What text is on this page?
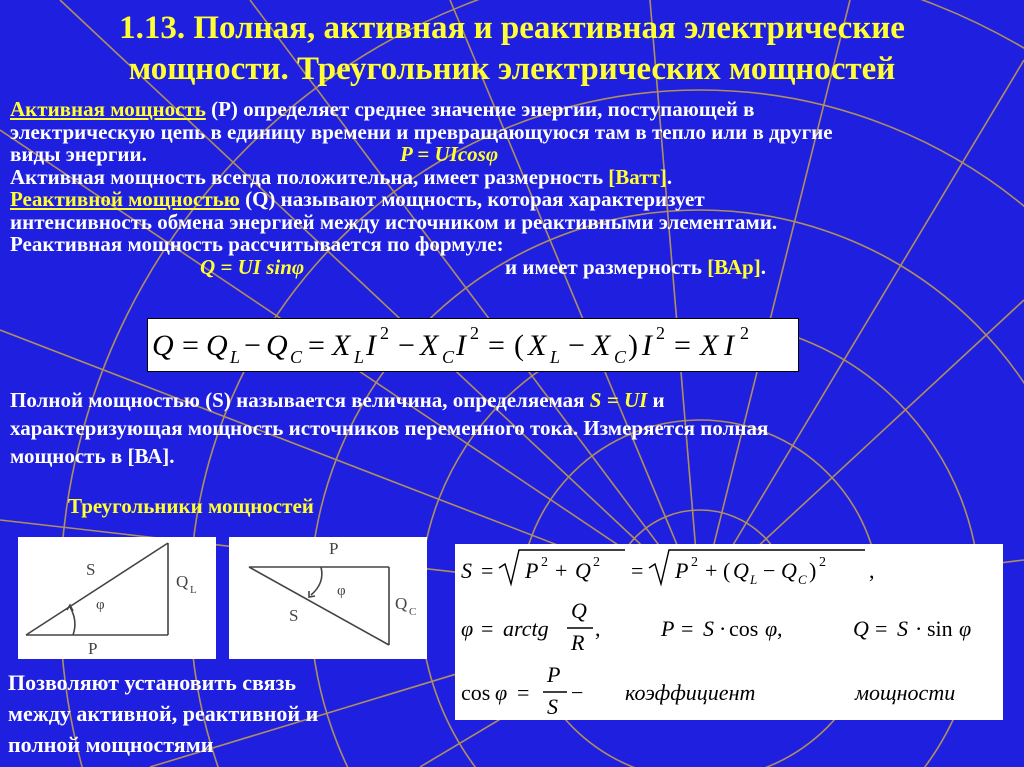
1.13. Полная, активная и реактивная электрические
мощности. Треугольник электрических мощностей
Активная мощность (P) определяет среднее значение энергии, поступающей в
электрическую цепь в единицу времени и превращающуюся там в тепло или в другие
виды энергии.	P = UIcosφ
Активная мощность всегда положительна, имеет размерность [Ватт].
Реактивной мощностью (Q) называют мощность, которая характеризует
интенсивность обмена энергией между источником и реактивными элементами.
Реактивная мощность рассчитывается по формуле:
Q = UI sinφ	и имеет размерность [ВАр].
Q = Q L − Q C = X L I 2 − X C I 2 = ( X L − X C ) I 2 = X I 2
Полной мощностью (S) называется величина, определяемая S = UI и
характеризующая мощность источников переменного тока. Измеряется полная
мощность в [ВА].
Треугольники мощностей
S
φ
P
Q L
P
φ
S
Q C
S = P 2 + Q 2 = P 2 + ( Q L − Q C ) 2 ,
φ = arctg
Q
R
,	P = S · cos φ ,	Q = S · sin φ
cos φ =
P
S
− коэффициент	мощности
Позволяют установить связь
между активной, реактивной и
полной мощностями
